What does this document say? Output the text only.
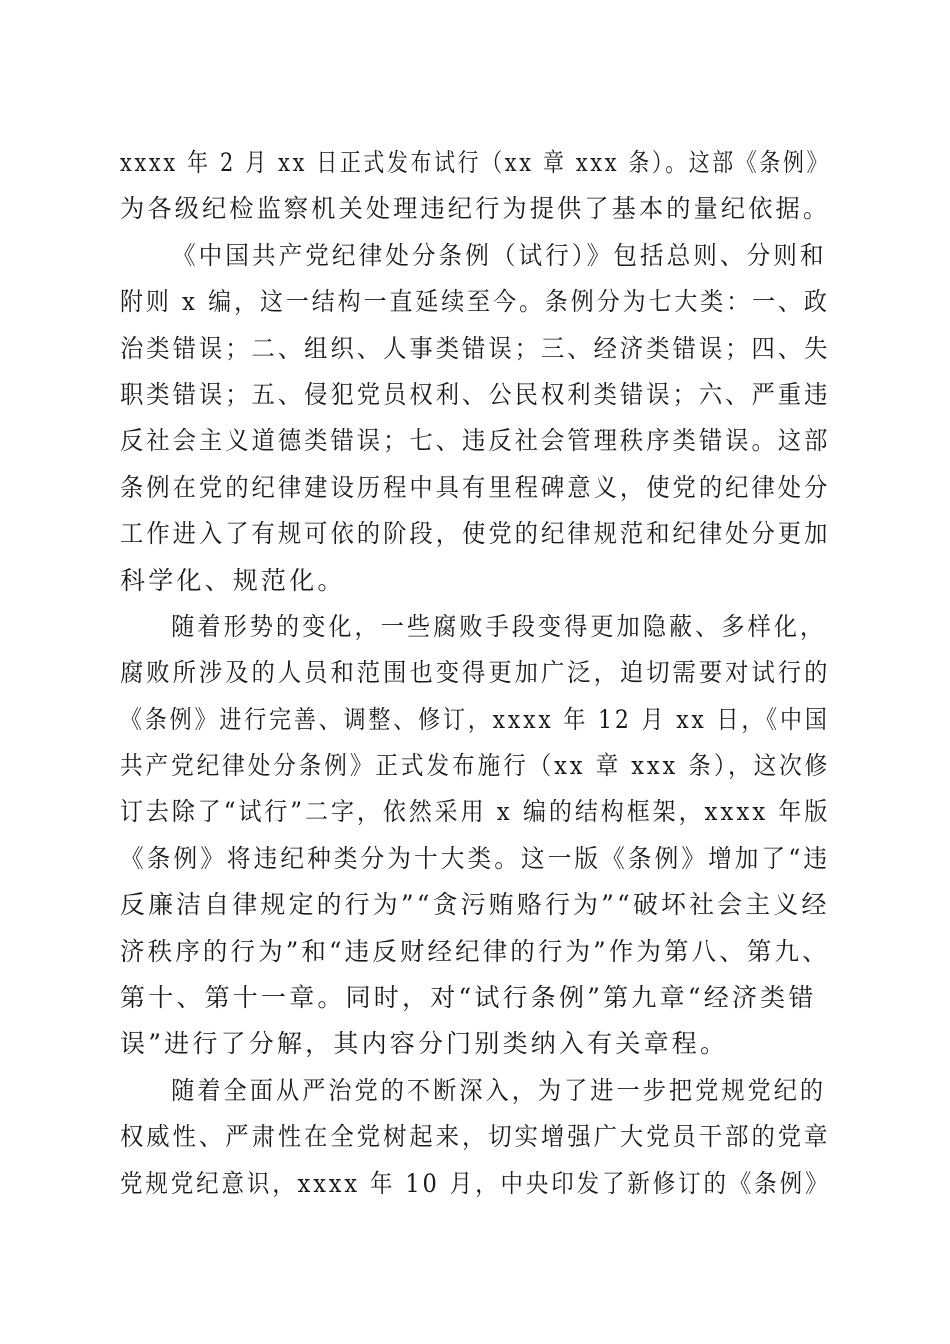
xxxx 年 2 月 xx 日正式发布试行（xx 章 xxx 条）。这部《条例》
为各级纪检监察机关处理违纪行为提供了基本的量纪依据。
《中国共产党纪律处分条例（试行）》包括总则、分则和
附则 x 编，这一结构一直延续至今。条例分为七大类：一、政
治类错误；二、组织、人事类错误；三、经济类错误；四、失
职类错误；五、侵犯党员权利、公民权利类错误；六、严重违
反社会主义道德类错误；七、违反社会管理秩序类错误。这部
条例在党的纪律建设历程中具有里程碑意义，使党的纪律处分
工作进入了有规可依的阶段，使党的纪律规范和纪律处分更加
科学化、规范化。
随着形势的变化，一些腐败手段变得更加隐蔽、多样化，
腐败所涉及的人员和范围也变得更加广泛，迫切需要对试行的
《条例》进行完善、调整、修订，xxxx 年 12 月 xx 日，《中国
共产党纪律处分条例》正式发布施行（xx 章 xxx 条），这次修
订去除了“试行”二字，依然采用 x 编的结构框架，xxxx 年版
《条例》将违纪种类分为十大类。这一版《条例》增加了“违
反廉洁自律规定的行为”“贪污贿赂行为”“破坏社会主义经
济秩序的行为”和“违反财经纪律的行为”作为第八、第九、
第十、第十一章。同时，对“试行条例”第九章“经济类错
误”进行了分解，其内容分门别类纳入有关章程。
随着全面从严治党的不断深入，为了进一步把党规党纪的
权威性、严肃性在全党树起来，切实增强广大党员干部的党章
党规党纪意识，xxxx 年 10 月，中央印发了新修订的《条例》
